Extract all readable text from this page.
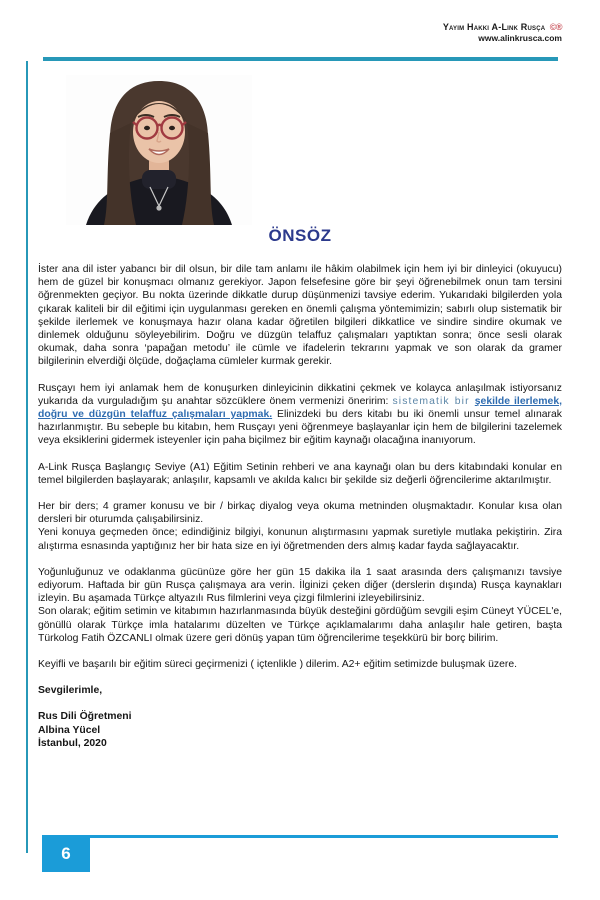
Yayım Hakkı A-Link Rusça ©®
www.alinkrusca.com
ÖNSÖZ

İster ana dil ister yabancı bir dil olsun, bir dile tam anlamı ile hâkim olabilmek için hem iyi bir dinleyici (okuyucu) hem de güzel bir konuşmacı olmanız gerekiyor. Japon felsefesine göre bir şeyi öğrenebilmek onun tam tersini öğrenmekten geçiyor. Bu nokta üzerinde dikkatle durup düşünmenizi tavsiye ederim. Yukarıdaki bilgilerden yola çıkarak kaliteli bir dil eğitimi için uygulanması gereken en önemli çalışma yöntemimizin; sabırlı olup sistematik bir şekilde ilerlemek ve konuşmaya hazır olana kadar öğretilen bilgileri dikkatlice ve sindire sindire okumak ve dinlemek olduğunu söyleyebilirim. Doğru ve düzgün telaffuz çalışmaları yaptıktan sonra; önce sesli olarak okumak, daha sonra ‘papağan metodu’ ile cümle ve ifadelerin tekrarını yapmak ve son olarak da gramer bilgilerinin elverdiği ölçüde, doğaçlama cümleler kurmak gerekir.

Rusçayı hem iyi anlamak hem de konuşurken dinleyicinin dikkatini çekmek ve kolayca anlaşılmak istiyorsanız yukarıda da vurguladığım şu anahtar sözcüklere önem vermenizi öneririm: sistematik bir şekilde ilerlemek, doğru ve düzgün telaffuz çalışmaları yapmak. Elinizdeki bu ders kitabı bu iki önemli unsur temel alınarak hazırlanmıştır. Bu sebeple bu kitabın, hem Rusçayı yeni öğrenmeye başlayanlar için hem de bilgilerini tazelemek veya eksiklerini gidermek isteyenler için paha biçilmez bir eğitim kaynağı olacağına inanıyorum.

A-Link Rusça Başlangıç Seviye (A1) Eğitim Setinin rehberi ve ana kaynağı olan bu ders kitabındaki konular en temel bilgilerden başlayarak; anlaşılır, kapsamlı ve akılda kalıcı bir şekilde siz değerli öğrencilerime aktarılmıştır.

Her bir ders; 4 gramer konusu ve bir / birkaç diyalog veya okuma metninden oluşmaktadır. Konular kısa olan dersleri bir oturumda çalışabilirsiniz.

Yeni konuya geçmeden önce; edindiğiniz bilgiyi, konunun alıştırmasını yapmak suretiyle mutlaka pekiştirin. Zira alıştırma esnasında yaptığınız her bir hata size en iyi öğretmenden ders almış kadar fayda sağlayacaktır.

Yoğunluğunuz ve odaklanma gücünüze göre her gün 15 dakika ila 1 saat arasında ders çalışmanızı tavsiye ediyorum. Haftada bir gün Rusça çalışmaya ara verin. İlginizi çeken diğer (derslerin dışında) Rusça kaynakları izleyin. Bu aşamada Türkçe altyazılı Rus filmlerini veya çizgi filmlerini izleyebilirsiniz.

Son olarak; eğitim setimin ve kitabımın hazırlanmasında büyük desteğini gördüğüm sevgili eşim Cüneyt YÜCEL'e, gönüllü olarak Türkçe imla hatalarımı düzelten ve Türkçe açıklamalarımı daha anlaşılır hale getiren, başta Türkolog Fatih ÖZCANLI olmak üzere geri dönüş yapan tüm öğrencilerime teşekkürü bir borç bilirim.

Keyifli ve başarılı bir eğitim süreci geçirmenizi ( içtenlikle ) dilerim. A2+ eğitim setimizde buluşmak üzere.

Sevgilerimle,

Rus Dili Öğretmeni
Albina Yücel
İstanbul, 2020
6
